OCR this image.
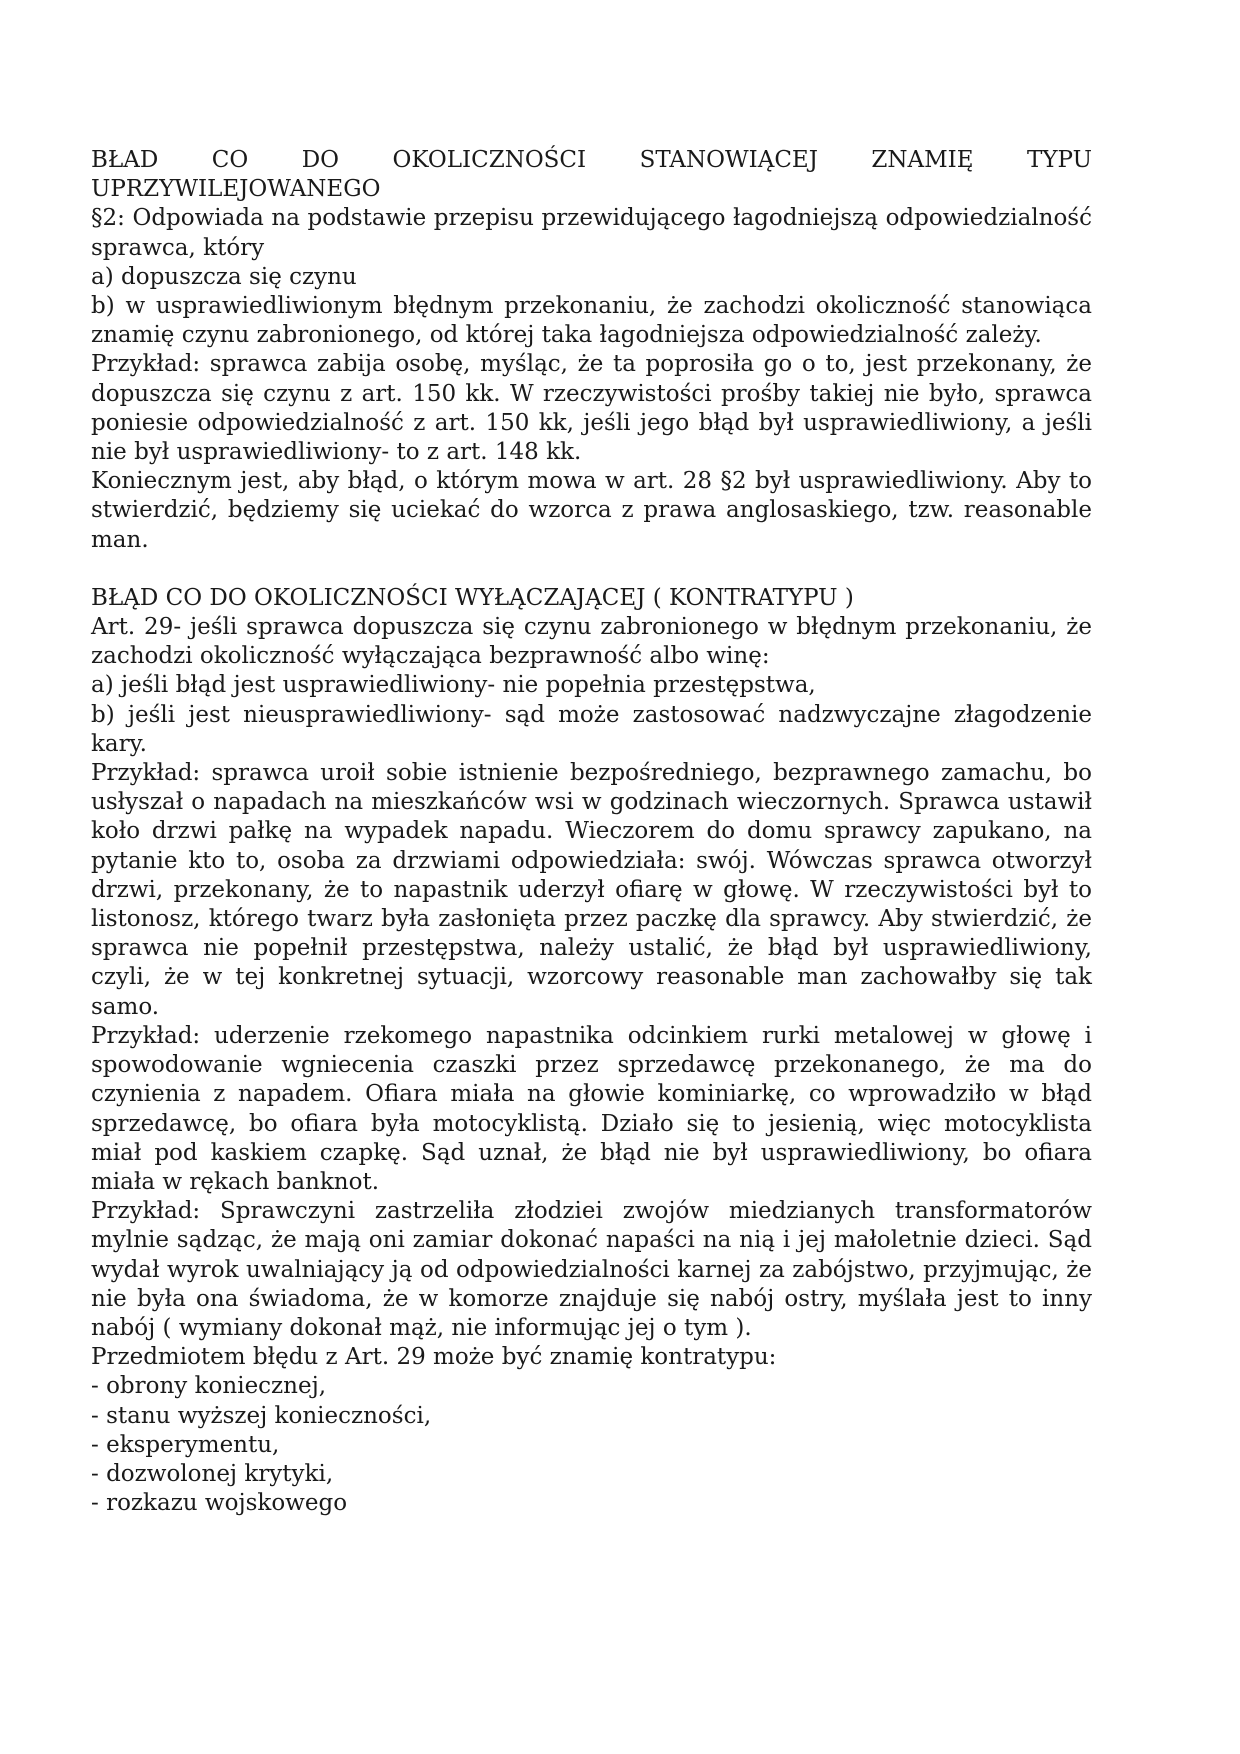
BŁAD CO DO OKOLICZNOŚCI STANOWIĄCEJ ZNAMIĘ TYPU UPRZYWILEJOWANEGO

§2: Odpowiada na podstawie przepisu przewidującego łagodniejszą odpowiedzialność sprawca, który

a) dopuszcza się czynu

b) w usprawiedliwionym błędnym przekonaniu, że zachodzi okoliczność stanowiąca znamię czynu zabronionego, od której taka łagodniejsza odpowiedzialność zależy.

Przykład: sprawca zabija osobę, myśląc, że ta poprosiła go o to, jest przekonany, że dopuszcza się czynu z art. 150 kk. W rzeczywistości prośby takiej nie było, sprawca poniesie odpowiedzialność z art. 150 kk, jeśli jego błąd był usprawiedliwiony, a jeśli nie był usprawiedliwiony- to z art. 148 kk.

Koniecznym jest, aby błąd, o którym mowa w art. 28 §2 był usprawiedliwiony. Aby to stwierdzić, będziemy się uciekać do wzorca z prawa anglosaskiego, tzw. reasonable man.

BŁĄD CO DO OKOLICZNOŚCI WYŁĄCZAJĄCEJ ( KONTRATYPU )

Art. 29- jeśli sprawca dopuszcza się czynu zabronionego w błędnym przekonaniu, że zachodzi okoliczność wyłączająca bezprawność albo winę:

a) jeśli błąd jest usprawiedliwiony- nie popełnia przestępstwa,

b) jeśli jest nieusprawiedliwiony- sąd może zastosować nadzwyczajne złagodzenie kary.

Przykład: sprawca uroił sobie istnienie bezpośredniego, bezprawnego zamachu, bo usłyszał o napadach na mieszkańców wsi w godzinach wieczornych. Sprawca ustawił koło drzwi pałkę na wypadek napadu. Wieczorem do domu sprawcy zapukano, na pytanie kto to, osoba za drzwiami odpowiedziała: swój. Wówczas sprawca otworzył drzwi, przekonany, że to napastnik uderzył ofiarę w głowę. W rzeczywistości był to listonosz, którego twarz była zasłonięta przez paczkę dla sprawcy. Aby stwierdzić, że sprawca nie popełnił przestępstwa, należy ustalić, że błąd był usprawiedliwiony, czyli, że w tej konkretnej sytuacji, wzorcowy reasonable man zachowałby się tak samo.

Przykład: uderzenie rzekomego napastnika odcinkiem rurki metalowej w głowę i spowodowanie wgniecenia czaszki przez sprzedawcę przekonanego, że ma do czynienia z napadem. Ofiara miała na głowie kominiarkę, co wprowadziło w błąd sprzedawcę, bo ofiara była motocyklistą. Działo się to jesienią, więc motocyklista miał pod kaskiem czapkę. Sąd uznał, że błąd nie był usprawiedliwiony, bo ofiara miała w rękach banknot.

Przykład: Sprawczyni zastrzeliła złodziei zwojów miedzianych transformatorów mylnie sądząc, że mają oni zamiar dokonać napaści na nią i jej małoletnie dzieci. Sąd wydał wyrok uwalniający ją od odpowiedzialności karnej za zabójstwo, przyjmując, że nie była ona świadoma, że w komorze znajduje się nabój ostry, myślała jest to inny nabój ( wymiany dokonał mąż, nie informując jej o tym ).

Przedmiotem błędu z Art. 29 może być znamię kontratypu:

- obrony koniecznej,
- stanu wyższej konieczności,
- eksperymentu,
- dozwolonej krytyki,
- rozkazu wojskowego
